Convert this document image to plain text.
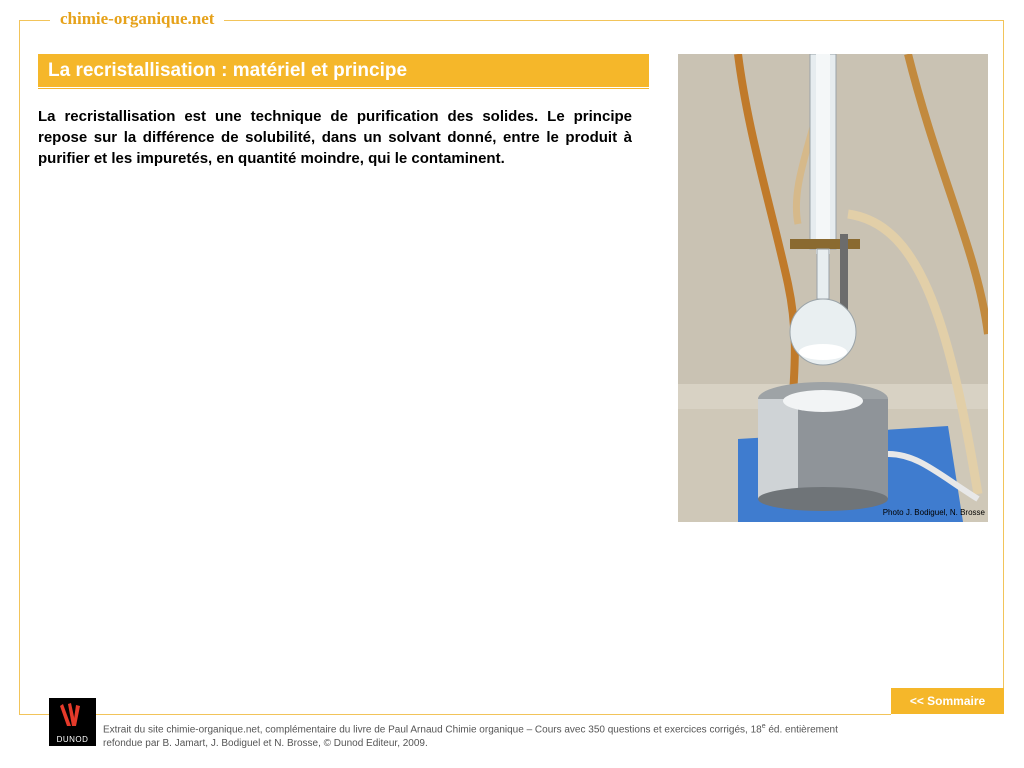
chimie-organique.net
La recristallisation : matériel et principe

La recristallisation est une technique de purification des solides. Le principe repose sur la différence de solubilité, dans un solvant donné, entre le produit à purifier et les impuretés, en quantité moindre, qui le contaminent.

Photo J. Bodiguel, N. Brosse
<< Sommaire
DUNOD
Extrait du site chimie-organique.net, complémentaire du livre de Paul Arnaud Chimie organique – Cours avec 350 questions et exercices corrigés, 18e éd. entièrement
refondue par B. Jamart, J. Bodiguel et N. Brosse, © Dunod Editeur, 2009.
